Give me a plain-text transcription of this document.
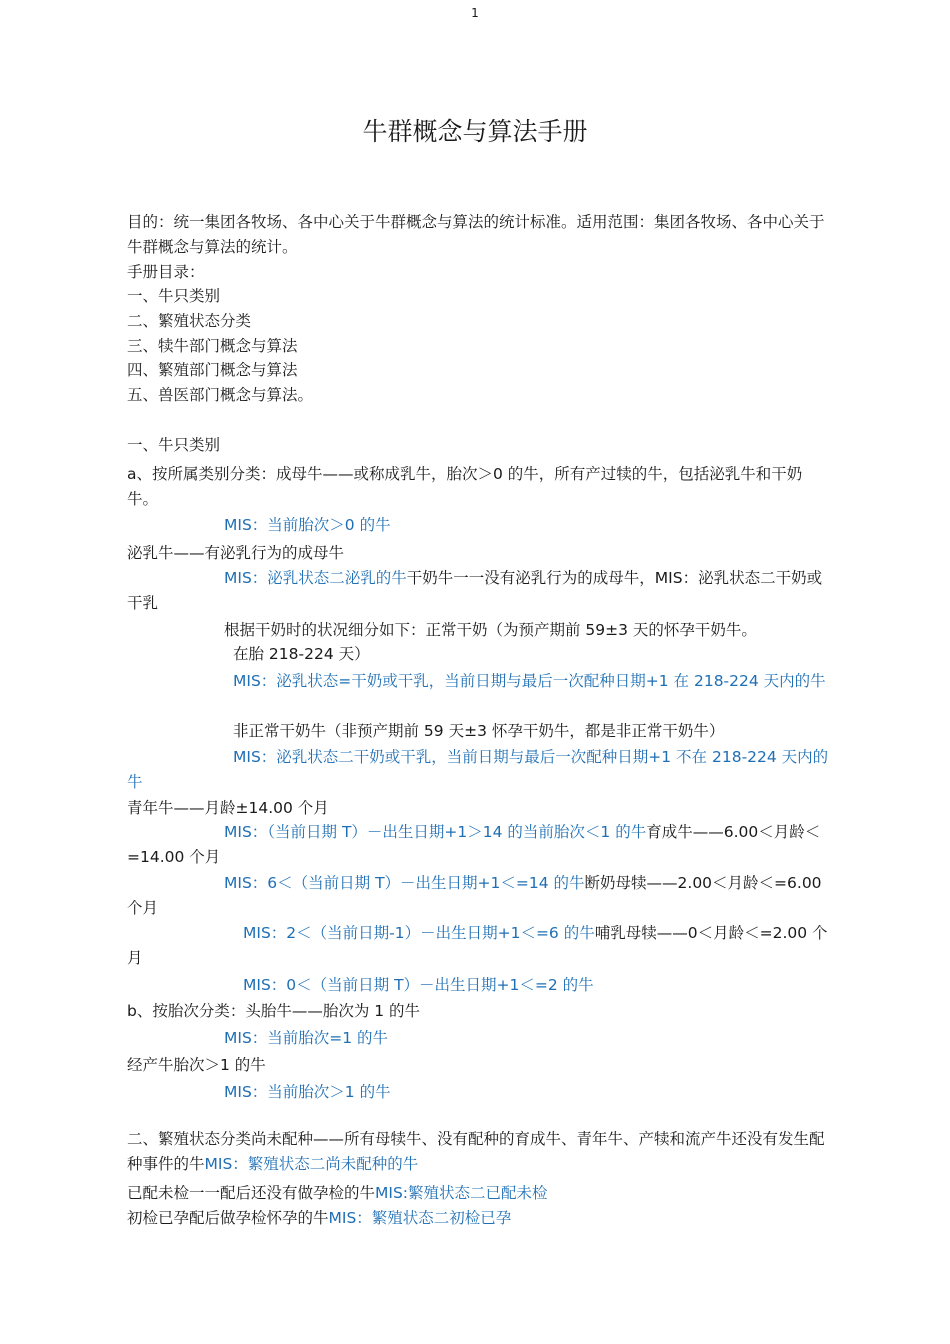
1
牛群概念与算法手册

目的：统一集团各牧场、各中心关于牛群概念与算法的统计标准。适用范围：集团各牧场、各中心关于牛群概念与算法的统计。

手册目录：

一、牛只类别

二、繁殖状态分类

三、犊牛部门概念与算法

四、繁殖部门概念与算法

五、兽医部门概念与算法。

一、牛只类别

a、按所属类别分类：成母牛——或称成乳牛，胎次＞0 的牛，所有产过犊的牛，包括泌乳牛和干奶牛。

MIS：当前胎次＞0 的牛

泌乳牛——有泌乳行为的成母牛

MIS：泌乳状态二泌乳的牛干奶牛一一没有泌乳行为的成母牛，MIS：泌乳状态二干奶或干乳

根据干奶时的状况细分如下：正常干奶（为预产期前 59±3 天的怀孕干奶牛。

在胎 218-224 天）

MIS：泌乳状态=干奶或干乳，当前日期与最后一次配种日期+1 在 218-224 天内的牛

非正常干奶牛（非预产期前 59 天±3 怀孕干奶牛，都是非正常干奶牛）

MIS：泌乳状态二干奶或干乳，当前日期与最后一次配种日期+1 不在 218-224 天内的牛

青年牛——月龄±14.00 个月

MIS：（当前日期 T）－出生日期+1＞14 的当前胎次＜1 的牛育成牛——6.00＜月龄＜=14.00 个月

MIS：6＜（当前日期 T）－出生日期+1＜=14 的牛断奶母犊——2.00＜月龄＜=6.00 个月

MIS：2＜（当前日期-1）－出生日期+1＜=6 的牛哺乳母犊——0＜月龄＜=2.00 个月

MIS：0＜（当前日期 T）－出生日期+1＜=2 的牛

b、按胎次分类：头胎牛——胎次为 1 的牛

MIS：当前胎次=1 的牛

经产牛胎次＞1 的牛

MIS：当前胎次＞1 的牛

二、繁殖状态分类尚未配种——所有母犊牛、没有配种的育成牛、青年牛、产犊和流产牛还没有发生配种事件的牛MIS：繁殖状态二尚未配种的牛

已配未检一一配后还没有做孕检的牛MIS:繁殖状态二已配未检

初检已孕配后做孕检怀孕的牛MIS：繁殖状态二初检已孕
